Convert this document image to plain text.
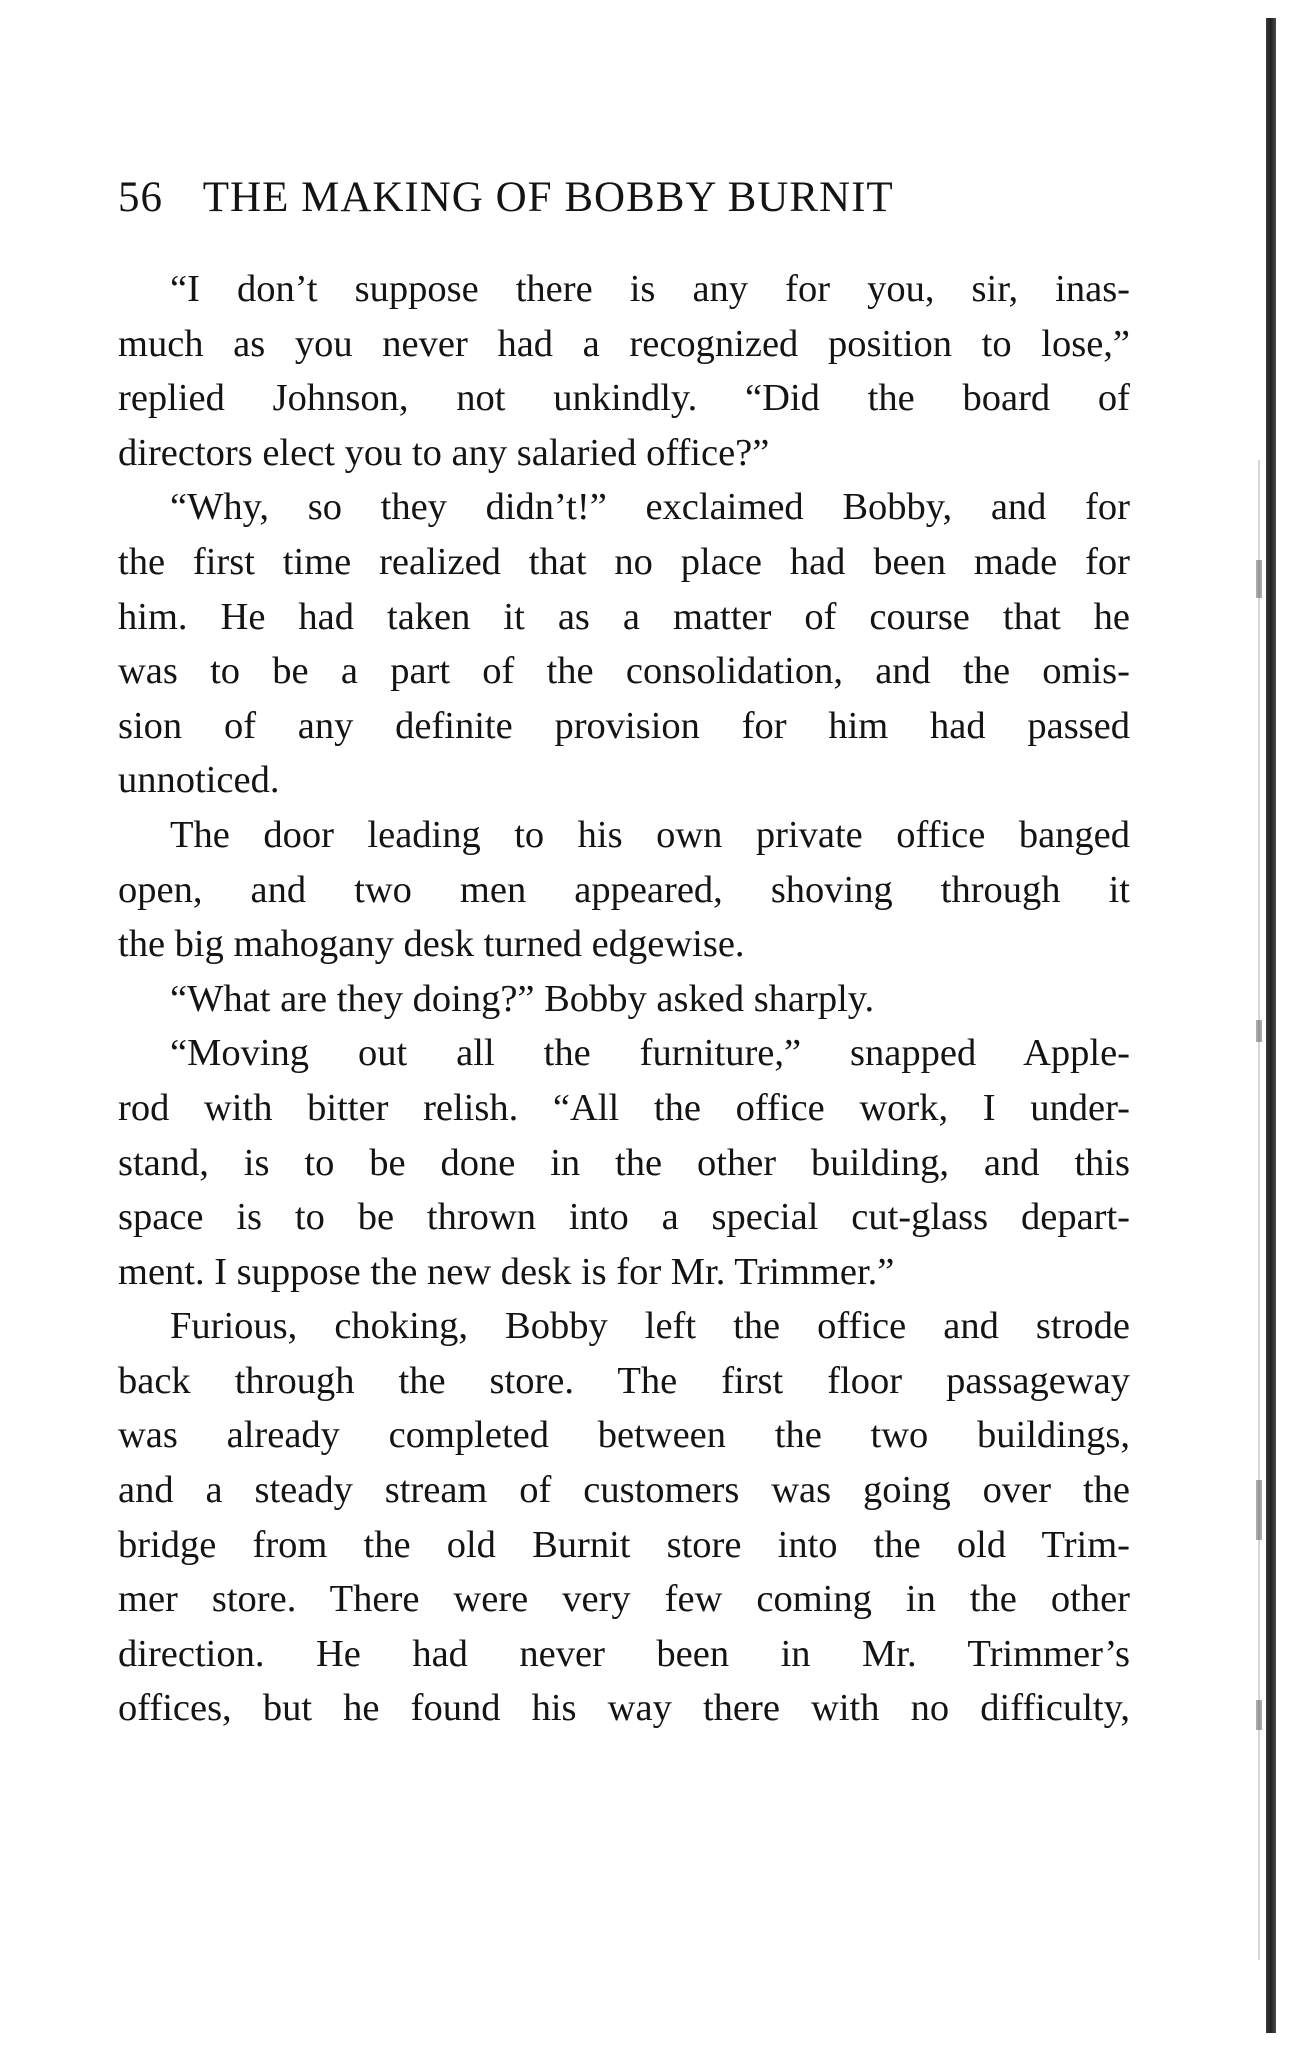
56 THE MAKING OF BOBBY BURNIT
“I don’t suppose there is any for you, sir, inas-
much as you never had a recognized position to lose,”
replied Johnson, not unkindly. “Did the board of
directors elect you to any salaried office?”
“Why, so they didn’t!” exclaimed Bobby, and for
the first time realized that no place had been made for
him. He had taken it as a matter of course that he
was to be a part of the consolidation, and the omis-
sion of any definite provision for him had passed
unnoticed.
The door leading to his own private office banged
open, and two men appeared, shoving through it
the big mahogany desk turned edgewise.
“What are they doing?” Bobby asked sharply.
“Moving out all the furniture,” snapped Apple-
rod with bitter relish. “All the office work, I under-
stand, is to be done in the other building, and this
space is to be thrown into a special cut-glass depart-
ment. I suppose the new desk is for Mr. Trimmer.”
Furious, choking, Bobby left the office and strode
back through the store. The first floor passageway
was already completed between the two buildings,
and a steady stream of customers was going over the
bridge from the old Burnit store into the old Trim-
mer store. There were very few coming in the other
direction. He had never been in Mr. Trimmer’s
offices, but he found his way there with no difficulty,
